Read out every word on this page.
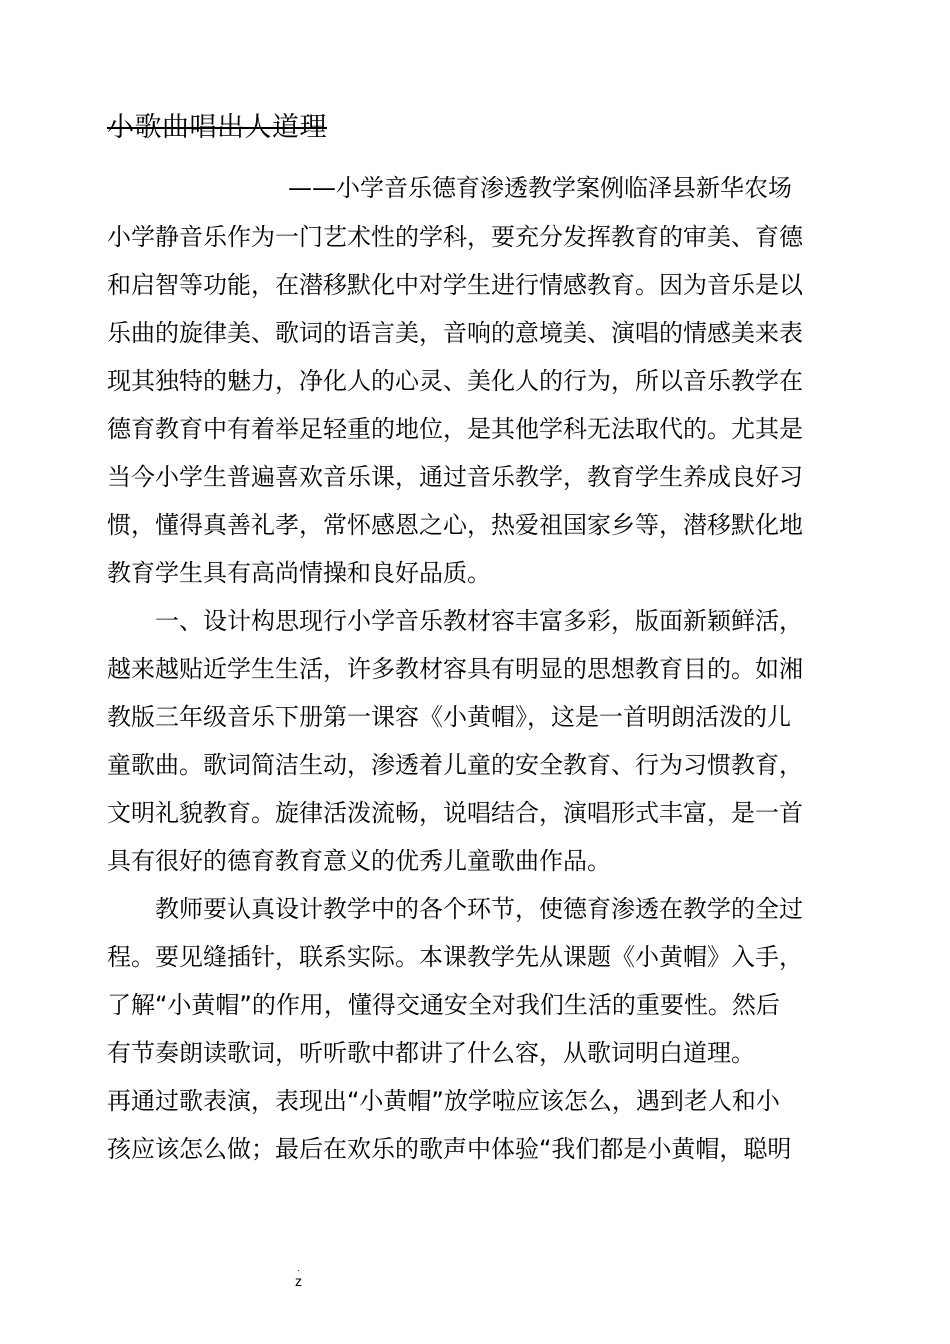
小歌曲唱出人道理
——小学音乐德育渗透教学案例临泽县新华农场
小学静音乐作为一门艺术性的学科，要充分发挥教育的审美、育德
和启智等功能，在潜移默化中对学生进行情感教育。因为音乐是以
乐曲的旋律美、歌词的语言美，音响的意境美、演唱的情感美来表
现其独特的魅力，净化人的心灵、美化人的行为，所以音乐教学在
德育教育中有着举足轻重的地位，是其他学科无法取代的。尤其是
当今小学生普遍喜欢音乐课，通过音乐教学，教育学生养成良好习
惯，懂得真善礼孝，常怀感恩之心，热爱祖国家乡等，潜移默化地
教育学生具有高尚情操和良好品质。
　　一、设计构思现行小学音乐教材容丰富多彩，版面新颖鲜活，
越来越贴近学生生活，许多教材容具有明显的思想教育目的。如湘
教版三年级音乐下册第一课容《小黄帽》，这是一首明朗活泼的儿
童歌曲。歌词简洁生动，渗透着儿童的安全教育、行为习惯教育，
文明礼貌教育。旋律活泼流畅，说唱结合，演唱形式丰富，是一首
具有很好的德育教育意义的优秀儿童歌曲作品。
　　教师要认真设计教学中的各个环节，使德育渗透在教学的全过
程。要见缝插针，联系实际。本课教学先从课题《小黄帽》入手，
了解“小黄帽”的作用，懂得交通安全对我们生活的重要性。然后
有节奏朗读歌词，听听歌中都讲了什么容，从歌词明白道理。
再通过歌表演，表现出“小黄帽”放学啦应该怎么，遇到老人和小
孩应该怎么做；最后在欢乐的歌声中体验“我们都是小黄帽，聪明
.
z
